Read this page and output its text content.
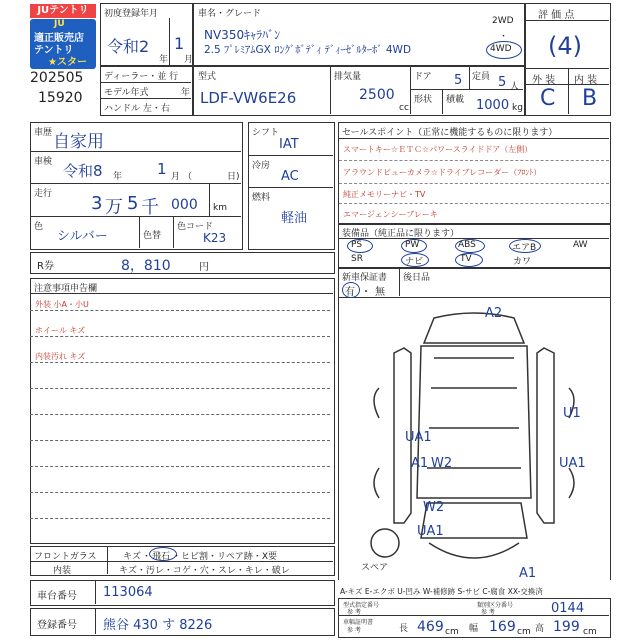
JUテントリ
JU
適正販売店
テントリ
★スター
202505
15920
初度登録年月
令和2
年
1
月
ディーラー・並 行
モデル年式	年
ハンドル 左・右
車名・グレード
NV350ｷｬﾗﾊﾞﾝ
2.5 ﾌﾟﾚﾐｱﾑGX ﾛﾝｸﾞﾎﾞﾃﾞｨ ﾃﾞｨｰｾﾞﾙﾀｰﾎﾞ 4WD
2WD
・
4WD
型式
LDF-VW6E26
排気量
2500
cc
ドア 5 定員 5 人
形状 積載 1000 kg
評 価 点
(4)
外 装 内 装
C B
車歴 自家用
車検 令和8 年 1 月 （	日)
走行 3 万 5 千 000 km
色
シルバー	色替
色コード
K23
シフト
IAT
冷房
AC
燃料
軽油
セールスポイント（正常に機能するものに限ります）
スマートキー☆ＥＴＣ☆パワースライドドア（左側）
アラウンドビューカメラ☆ドライブレコーダー（ﾌﾛﾝﾄ）
純正メモリーナビ・TV
エマージェンシーブレーキ
装備品（純正品に限ります）
PS	PW	ABS	エアB	AW
SR	ナビ	TV	カワ
新車保証書
有 ・ 無
後日品
R券	8，810	円
注意事項申告欄
外装 小A・小U
ホイール キズ
内装汚れ キズ
フロントガラス	キズ ・ 飛石 ・ヒビ割・リペア跡・X要
内装	キズ・汚レ・コゲ・穴・スレ・キレ・破レ
車台番号 113064
登録番号 熊谷 430 す 8226
A2
U1
UA1
UA1
A1 W2
W2
UA1
A1
スペア
A-キズ E-エクボ U-凹み W-補修跡 S-サビ C-腐食 XX-交換済
型式指定番号
参 考
類別区分番号
参 考	0144
車幅証明書
参 考	長 469 cm 幅 169 cm 高 199 cm
